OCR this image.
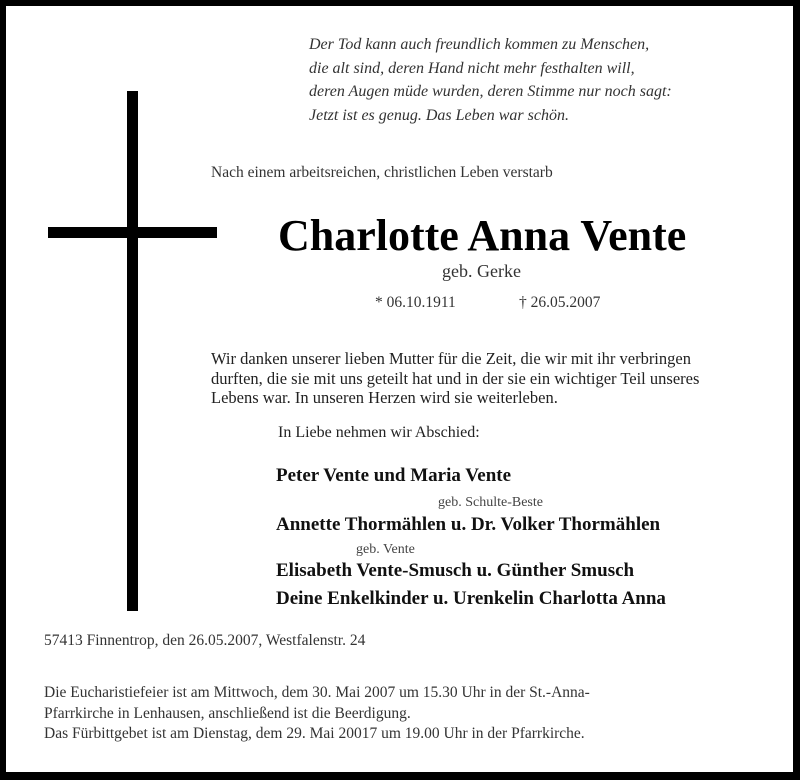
Der Tod kann auch freundlich kommen zu Menschen,
die alt sind, deren Hand nicht mehr festhalten will,
deren Augen müde wurden, deren Stimme nur noch sagt:
Jetzt ist es genug. Das Leben war schön.
Nach einem arbeitsreichen, christlichen Leben verstarb
Charlotte Anna Vente
geb. Gerke
* 06.10.1911	† 26.05.2007
Wir danken unserer lieben Mutter für die Zeit, die wir mit ihr verbringen
durften, die sie mit uns geteilt hat und in der sie ein wichtiger Teil unseres
Lebens war. In unseren Herzen wird sie weiterleben.
In Liebe nehmen wir Abschied:
Peter Vente und Maria Vente
geb. Schulte-Beste
Annette Thormählen u. Dr. Volker Thormählen
geb. Vente
Elisabeth Vente-Smusch u. Günther Smusch
Deine Enkelkinder u. Urenkelin Charlotta Anna
57413 Finnentrop, den 26.05.2007, Westfalenstr. 24
Die Eucharistiefeier ist am Mittwoch, dem 30. Mai 2007 um 15.30 Uhr in der St.-Anna-
Pfarrkirche in Lenhausen, anschließend ist die Beerdigung.
Das Fürbittgebet ist am Dienstag, dem 29. Mai 20017 um 19.00 Uhr in der Pfarrkirche.
